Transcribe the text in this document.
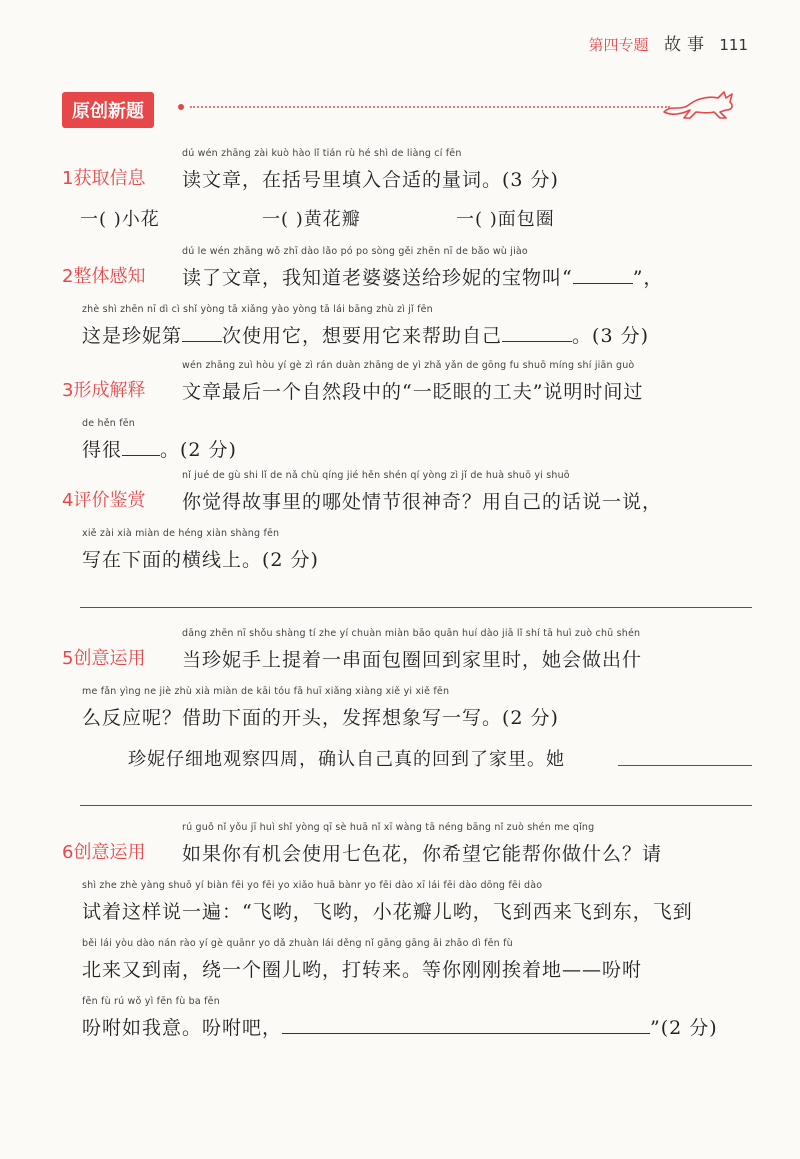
第四专题 故事 111
原创新题
1获取信息
dú wén zhāng zài kuò hào lǐ tián rù hé shì de liàng cí fēn
读文章，在括号里填入合适的量词。(3 分)
一( )小花	一( )黄花瓣	一( )面包圈
2整体感知
dú le wén zhāng wǒ zhī dào lǎo pó po sòng gěi zhēn nī de bǎo wù jiào
读了文章，我知道老婆婆送给珍妮的宝物叫“	”，
zhè shì zhēn nī dì cì shǐ yòng tā xiǎng yào yòng tā lái bāng zhù zì jǐ fēn
这是珍妮第 次使用它，想要用它来帮助自己	。(3 分)
3形成解释
wén zhāng zuì hòu yí gè zì rán duàn zhāng de yì zhǎ yǎn de gōng fu shuō míng shí jiān guò
文章最后一个自然段中的“一眨眼的工夫”说明时间过
de hěn fēn
得很 。(2 分)
4评价鉴赏
nǐ jué de gù shi lǐ de nǎ chù qíng jié hěn shén qí yòng zì jǐ de huà shuō yi shuō
你觉得故事里的哪处情节很神奇？用自己的话说一说，
xiě zài xià miàn de héng xiàn shàng fēn
写在下面的横线上。(2 分)
5创意运用
dāng zhēn nī shǒu shàng tí zhe yí chuàn miàn bāo quān huí dào jiā lǐ shí tā huì zuò chū shén
当珍妮手上提着一串面包圈回到家里时，她会做出什
me fǎn yìng ne jiè zhù xià miàn de kāi tóu fā huī xiǎng xiàng xiě yi xiě fēn
么反应呢？借助下面的开头，发挥想象写一写。(2 分)
珍妮仔细地观察四周，确认自己真的回到了家里。她
6创意运用
rú guǒ nǐ yǒu jī huì shǐ yòng qī sè huā nǐ xī wàng tā néng bāng nǐ zuò shén me qǐng
如果你有机会使用七色花，你希望它能帮你做什么？请
shì zhe zhè yàng shuō yí biàn fēi yo fēi yo xiǎo huā bànr yo fēi dào xī lái fēi dào dōng fēi dào
试着这样说一遍：“飞哟，飞哟，小花瓣儿哟，飞到西来飞到东，飞到
běi lái yòu dào nán rào yí gè quānr yo dǎ zhuàn lái děng nǐ gāng gāng āi zhāo dì fēn fù
北来又到南，绕一个圈儿哟，打转来。等你刚刚挨着地——吩咐
fēn fù rú wǒ yì fēn fù ba fēn
吩咐如我意。吩咐吧，	”(2 分)
